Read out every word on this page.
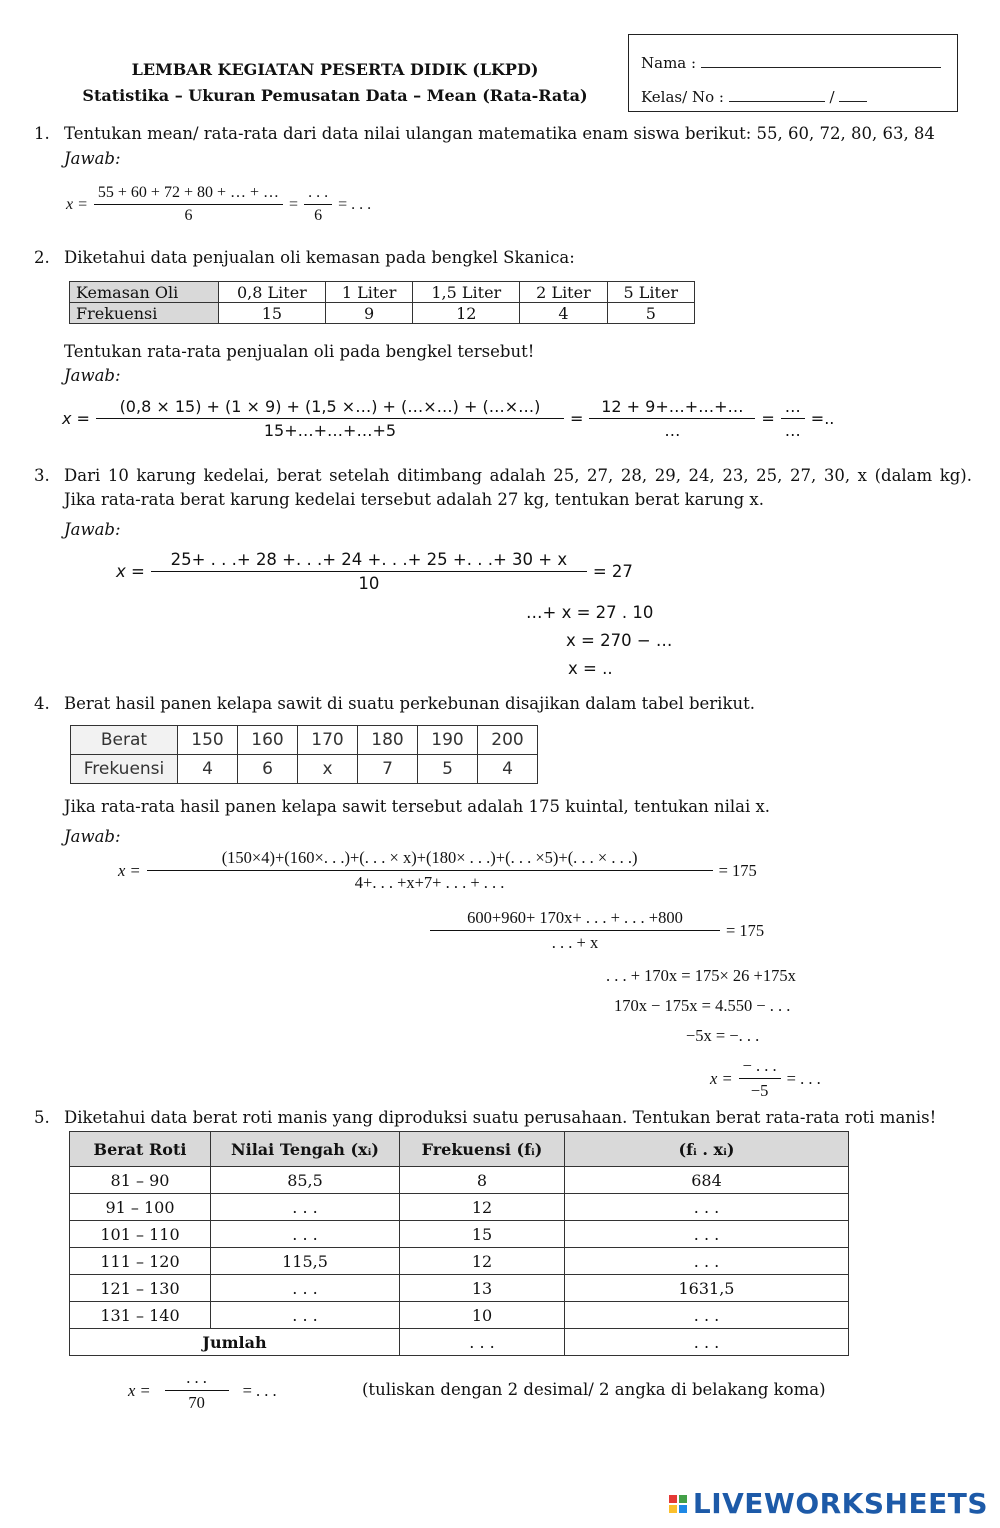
LEMBAR KEGIATAN PESERTA DIDIK (LKPD)
Statistika – Ukuran Pemusatan Data – Mean (Rata-Rata)
Nama :
Kelas/ No :	/
1. Tentukan mean/ rata-rata dari data nilai ulangan matematika enam siswa berikut: 55, 60, 72, 80, 63, 84
Jawab:
$x = \frac{55 + 60 + 72 + 80 + \dots + \dots}{6} = \frac{. . .}{6}$ = . . .
2. Diketahui data penjualan oli kemasan pada bengkel Skanica:
Kemasan Oli	0,8 Liter	1 Liter	1,5 Liter	2 Liter	5 Liter
Frekuensi	15	9	12	4	5
Tentukan rata-rata penjualan oli pada bengkel tersebut!
Jawab:
$x = \frac{(0,8 \times 15) + (1 \times 9) + (1,5 \times\dots) + (\dots\times\dots) + (\dots\times\dots)}{15+\dots+\dots+\dots+5} = \frac{12 + 9+\dots+\dots+\dots}{\dots} = \frac{\dots}{\dots}$ =..
3. Dari 10 karung kedelai, berat setelah ditimbang adalah 25, 27, 28, 29, 24, 23, 25, 27, 30, x (dalam kg).
Jika rata-rata berat karung kedelai tersebut adalah 27 kg, tentukan berat karung x.
Jawab:
$x = \frac{25+ . . .+ 28 +. . .+ 24 +. . .+ 25 +. . .+ 30 + x}{10} = 27$
…+ x = 27 . 10
x = 270 − …
x = ..
4. Berat hasil panen kelapa sawit di suatu perkebunan disajikan dalam tabel berikut.
Berat	150	160	170	180	190	200
Frekuensi	4	6	x	7	5	4
Jika rata-rata hasil panen kelapa sawit tersebut adalah 175 kuintal, tentukan nilai x.
Jawab:
x =
(150×4)+(160×. . .)+(. . . × x)+(180× . . .)+(. . . ×5)+(. . . × . . .)
4+. . . +x+7+ . . . + . . .
= 175
$\frac{600+960+ 170x+ . . . + . . . +800}{. . . + x} = 175$
. . . + 170x = 175× 26 +175x
170x − 175x = 4.550 − . . .
−5x = −. . .
$x = \frac{- . . .}{-5}$ = . . .
5. Diketahui data berat roti manis yang diproduksi suatu perusahaan. Tentukan berat rata-rata roti manis!
Berat Roti	Nilai Tengah (xᵢ)	Frekuensi (fᵢ)	(fᵢ . xᵢ)
81 – 90	85,5	8	684
91 – 100	. . .	12	. . .
101 – 110	. . .	15	. . .
111 – 120	115,5	12	. . .
121 – 130	. . .	13	1631,5
131 – 140	. . .	10	. . .
Jumlah		. . .	. . .
$x = \frac{. . .}{70}$ = . . .	(tuliskan dengan 2 desimal/ 2 angka di belakang koma)
LIVEWORKSHEETS
